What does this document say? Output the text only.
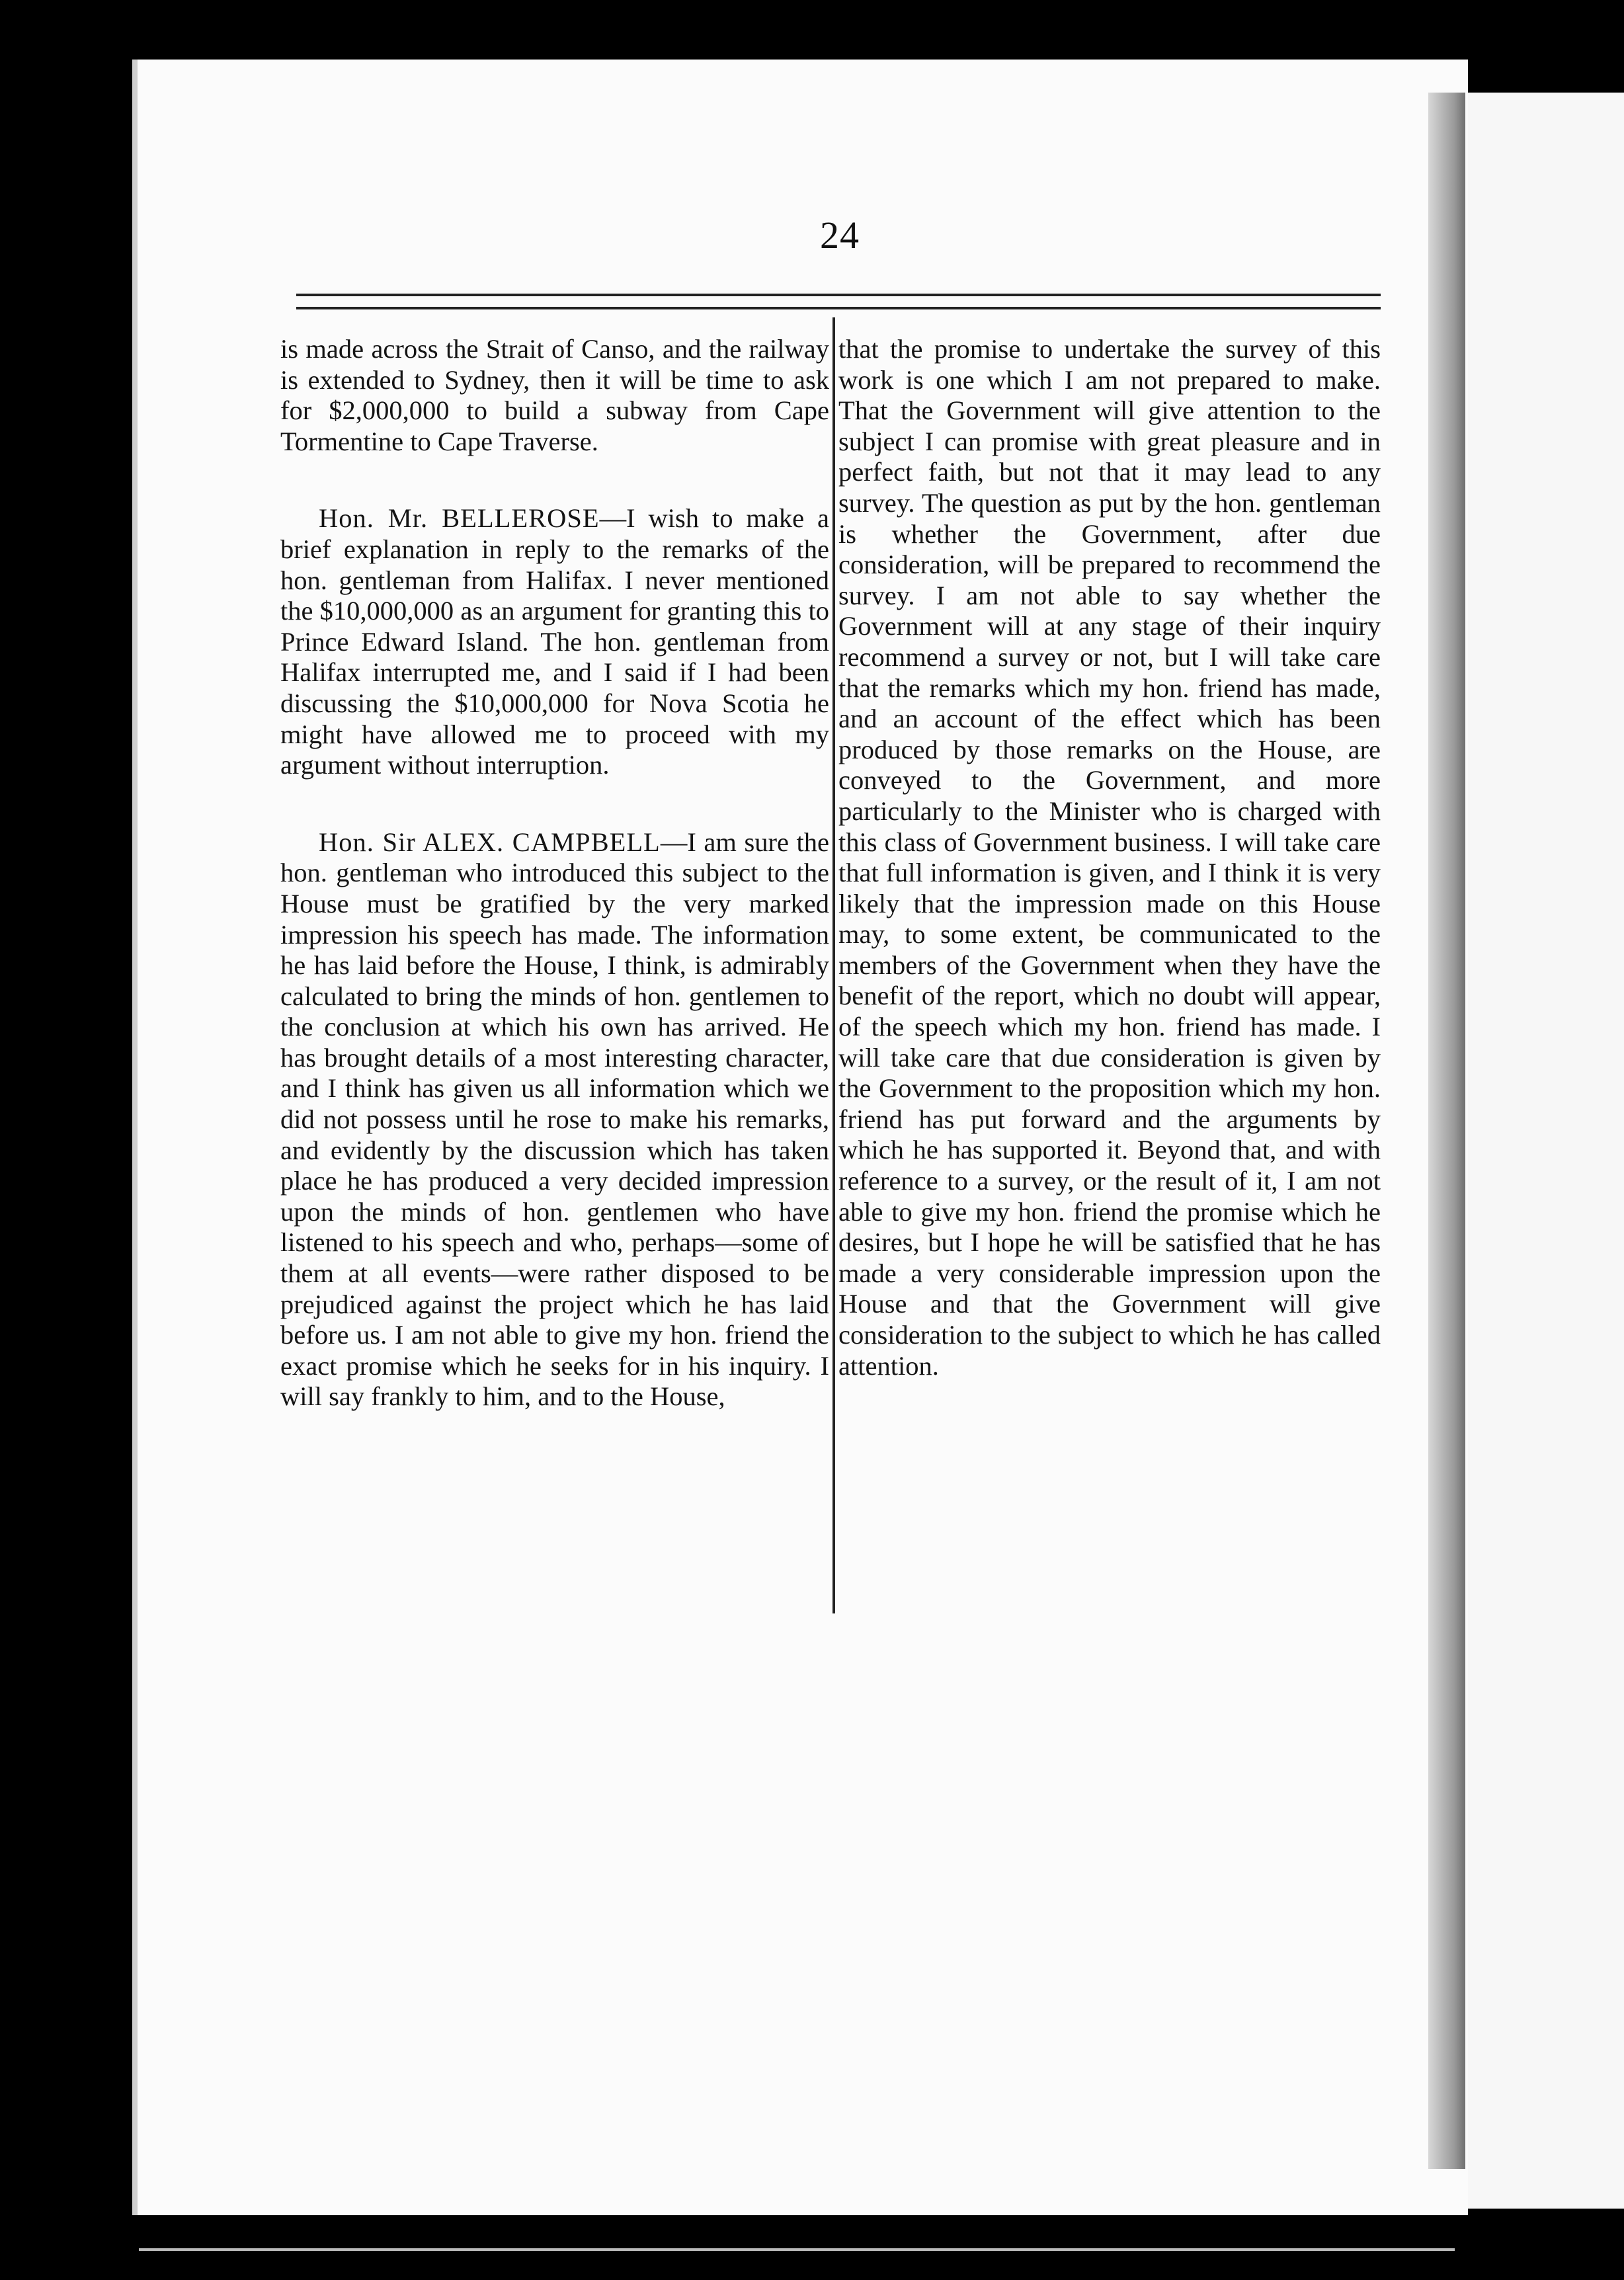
24

is made across the Strait of Canso, and the railway is extended to Sydney, then it will be time to ask for $2,000,000 to build a subway from Cape Tormentine to Cape Traverse.

Hon. Mr. BELLEROSE—I wish to make a brief explanation in reply to the remarks of the hon. gentleman from Halifax. I never mentioned the $10,000,000 as an argument for granting this to Prince Edward Island. The hon. gentleman from Halifax interrupted me, and I said if I had been discussing the $10,000,000 for Nova Scotia he might have allowed me to proceed with my argument without interruption.

Hon. Sir ALEX. CAMPBELL—I am sure the hon. gentleman who introduced this subject to the House must be gratified by the very marked impression his speech has made. The information he has laid before the House, I think, is admirably calculated to bring the minds of hon. gentlemen to the conclusion at which his own has arrived. He has brought details of a most interesting character, and I think has given us all information which we did not possess until he rose to make his remarks, and evidently by the discussion which has taken place he has produced a very decided impression upon the minds of hon. gentlemen who have listened to his speech and who, perhaps—some of them at all events—were rather disposed to be prejudiced against the project which he has laid before us. I am not able to give my hon. friend the exact promise which he seeks for in his inquiry. I will say frankly to him, and to the House,

that the promise to undertake the survey of this work is one which I am not prepared to make. That the Government will give attention to the subject I can promise with great pleasure and in perfect faith, but not that it may lead to any survey. The question as put by the hon. gentleman is whether the Government, after due consideration, will be prepared to recommend the survey. I am not able to say whether the Government will at any stage of their inquiry recommend a survey or not, but I will take care that the remarks which my hon. friend has made, and an account of the effect which has been produced by those remarks on the House, are conveyed to the Government, and more particularly to the Minister who is charged with this class of Government business. I will take care that full information is given, and I think it is very likely that the impression made on this House may, to some extent, be communicated to the members of the Government when they have the benefit of the report, which no doubt will appear, of the speech which my hon. friend has made. I will take care that due consideration is given by the Government to the proposition which my hon. friend has put forward and the arguments by which he has supported it. Beyond that, and with reference to a survey, or the result of it, I am not able to give my hon. friend the promise which he desires, but I hope he will be satisfied that he has made a very considerable impression upon the House and that the Government will give consideration to the subject to which he has called attention.
